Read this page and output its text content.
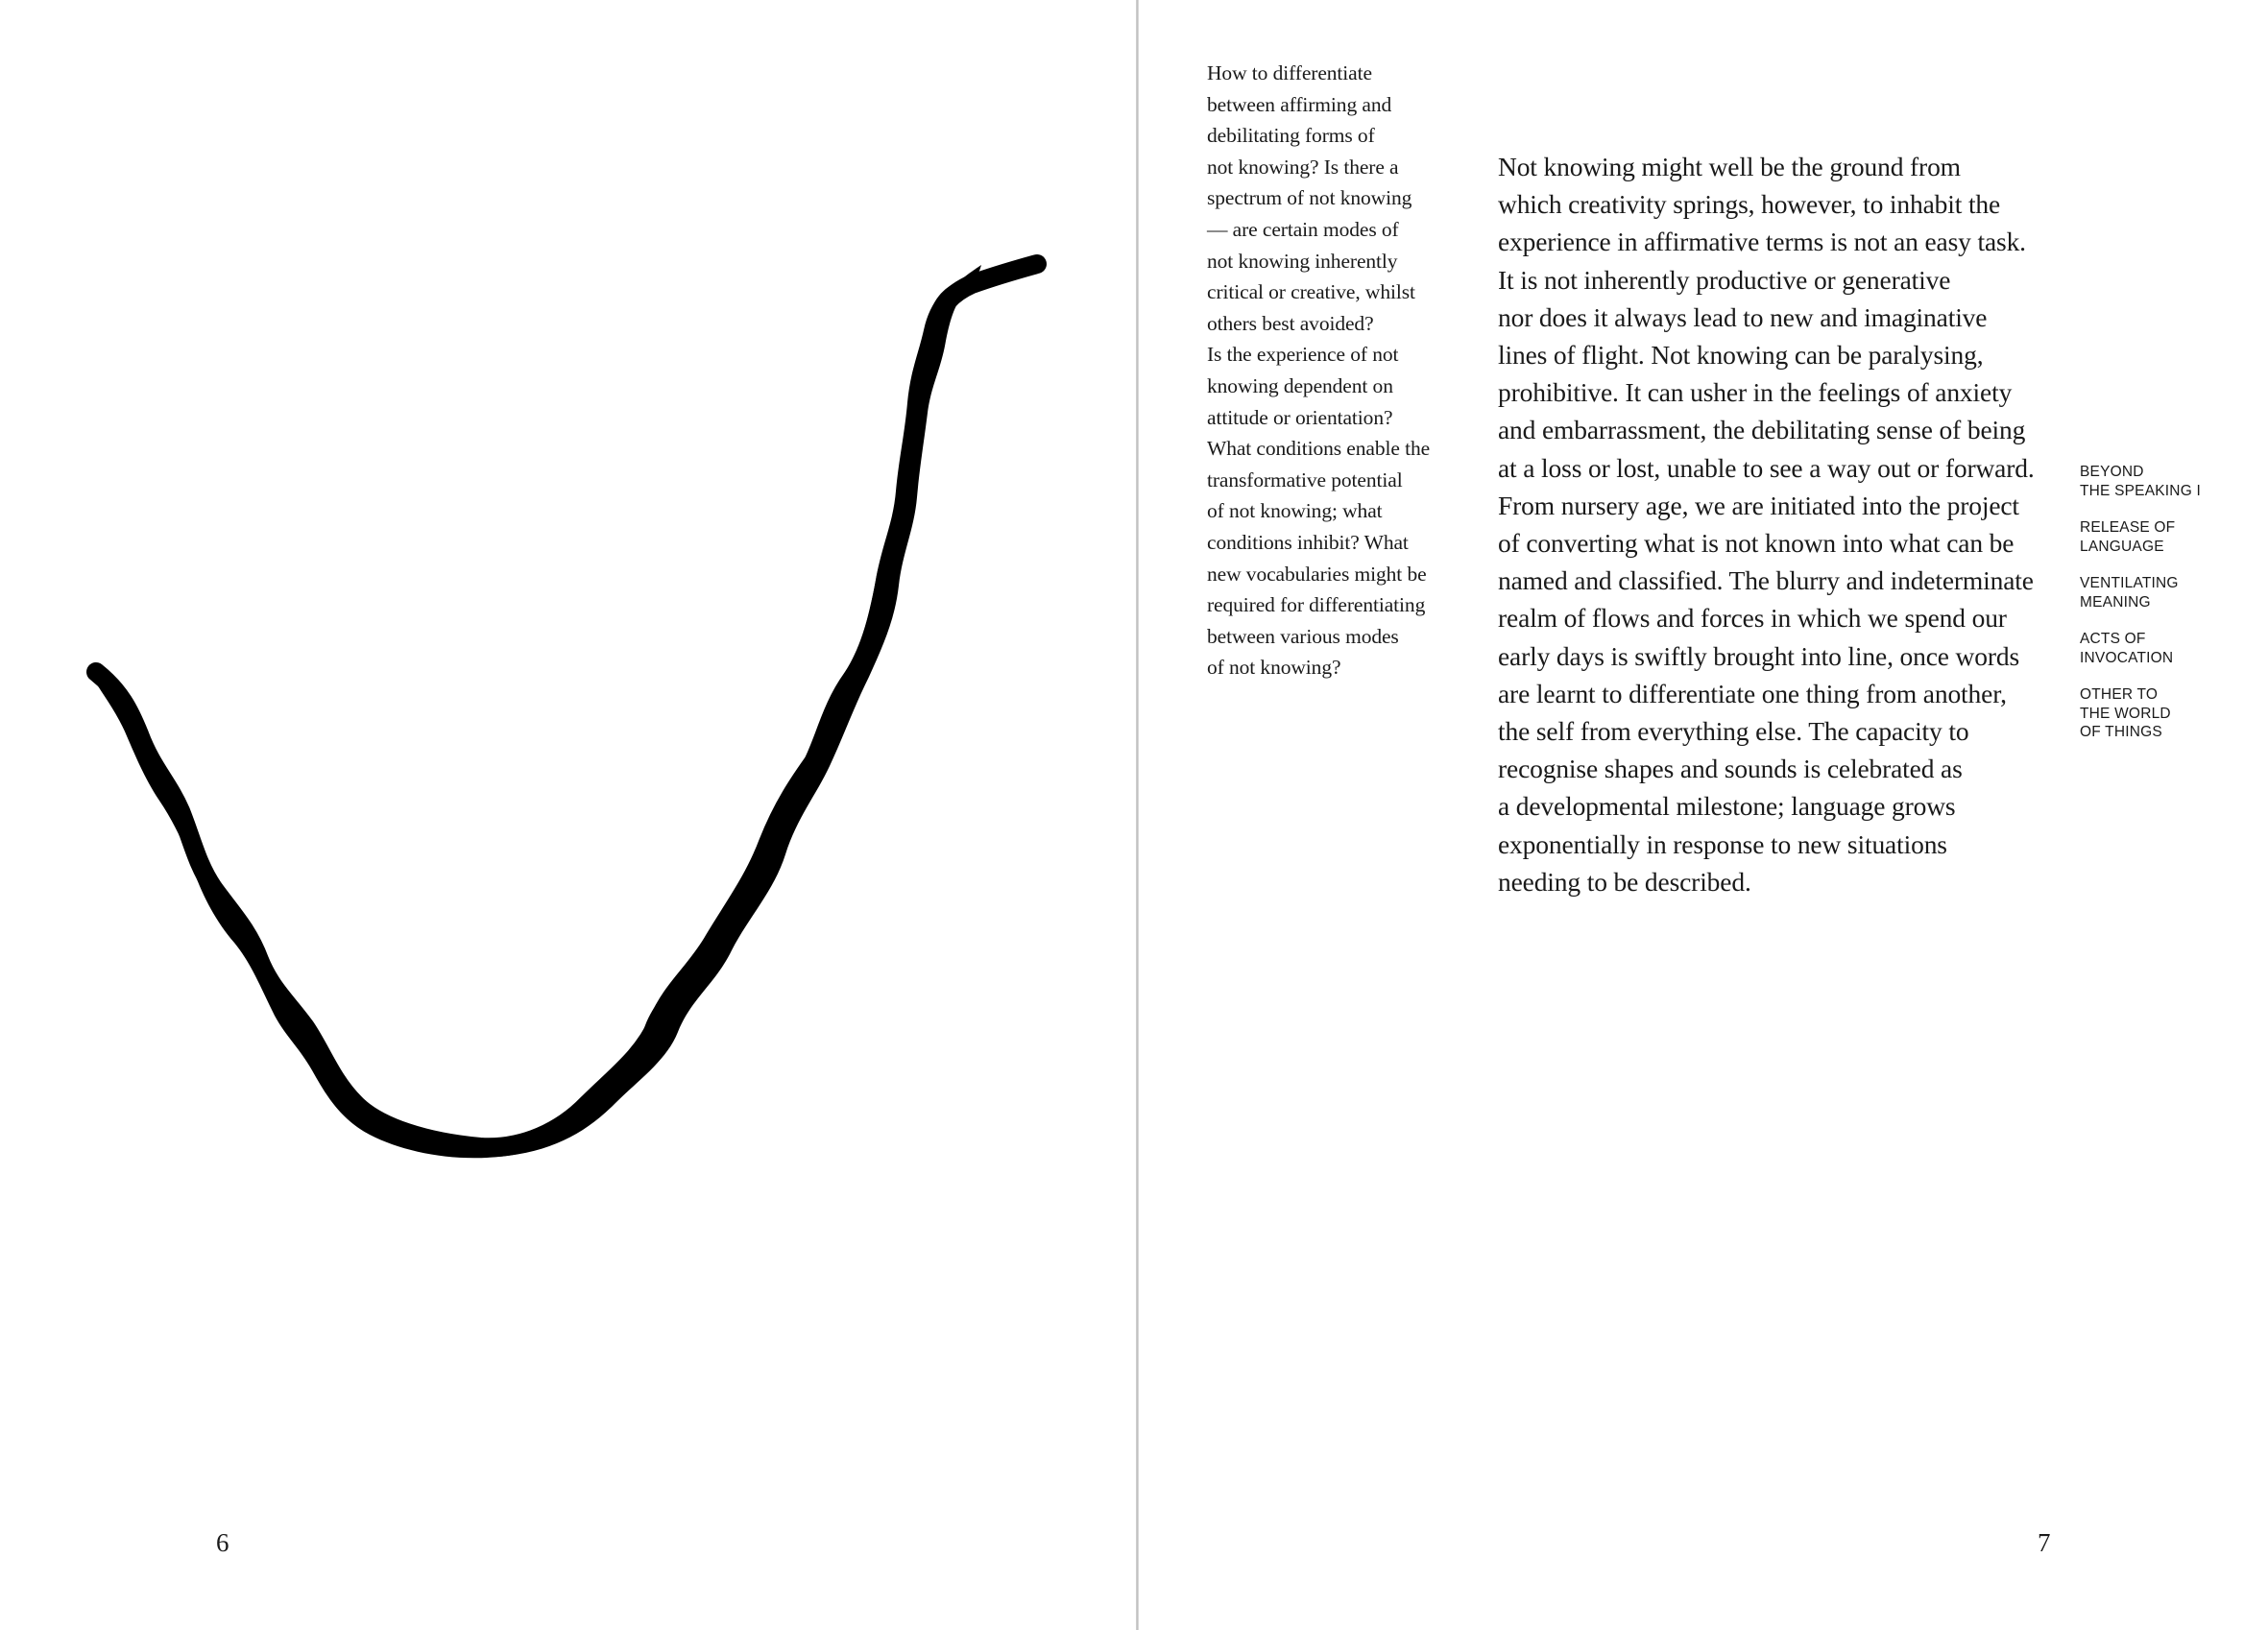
6

How to differentiate
between affirming and
debilitating forms of
not knowing? Is there a
spectrum of not knowing
— are certain modes of
not knowing inherently
critical or creative, whilst
others best avoided?
Is the experience of not
knowing dependent on
attitude or orientation?
What conditions enable the
transformative potential
of not knowing; what
conditions inhibit? What
new vocabularies might be
required for differentiating
between various modes
of not knowing?

Not knowing might well be the ground from
which creativity springs, however, to inhabit the
experience in affirmative terms is not an easy task.
It is not inherently productive or generative
nor does it always lead to new and imaginative
lines of flight. Not knowing can be paralysing,
prohibitive. It can usher in the feelings of anxiety
and embarrassment, the debilitating sense of being
at a loss or lost, unable to see a way out or forward.
From nursery age, we are initiated into the project
of converting what is not known into what can be
named and classified. The blurry and indeterminate
realm of flows and forces in which we spend our
early days is swiftly brought into line, once words
are learnt to differentiate one thing from another,
the self from everything else. The capacity to
recognise shapes and sounds is celebrated as
a developmental milestone; language grows
exponentially in response to new situations
needing to be described.

BEYOND
THE SPEAKING I
RELEASE OF
LANGUAGE
VENTILATING
MEANING
ACTS OF
INVOCATION
OTHER TO
THE WORLD
OF THINGS
7
